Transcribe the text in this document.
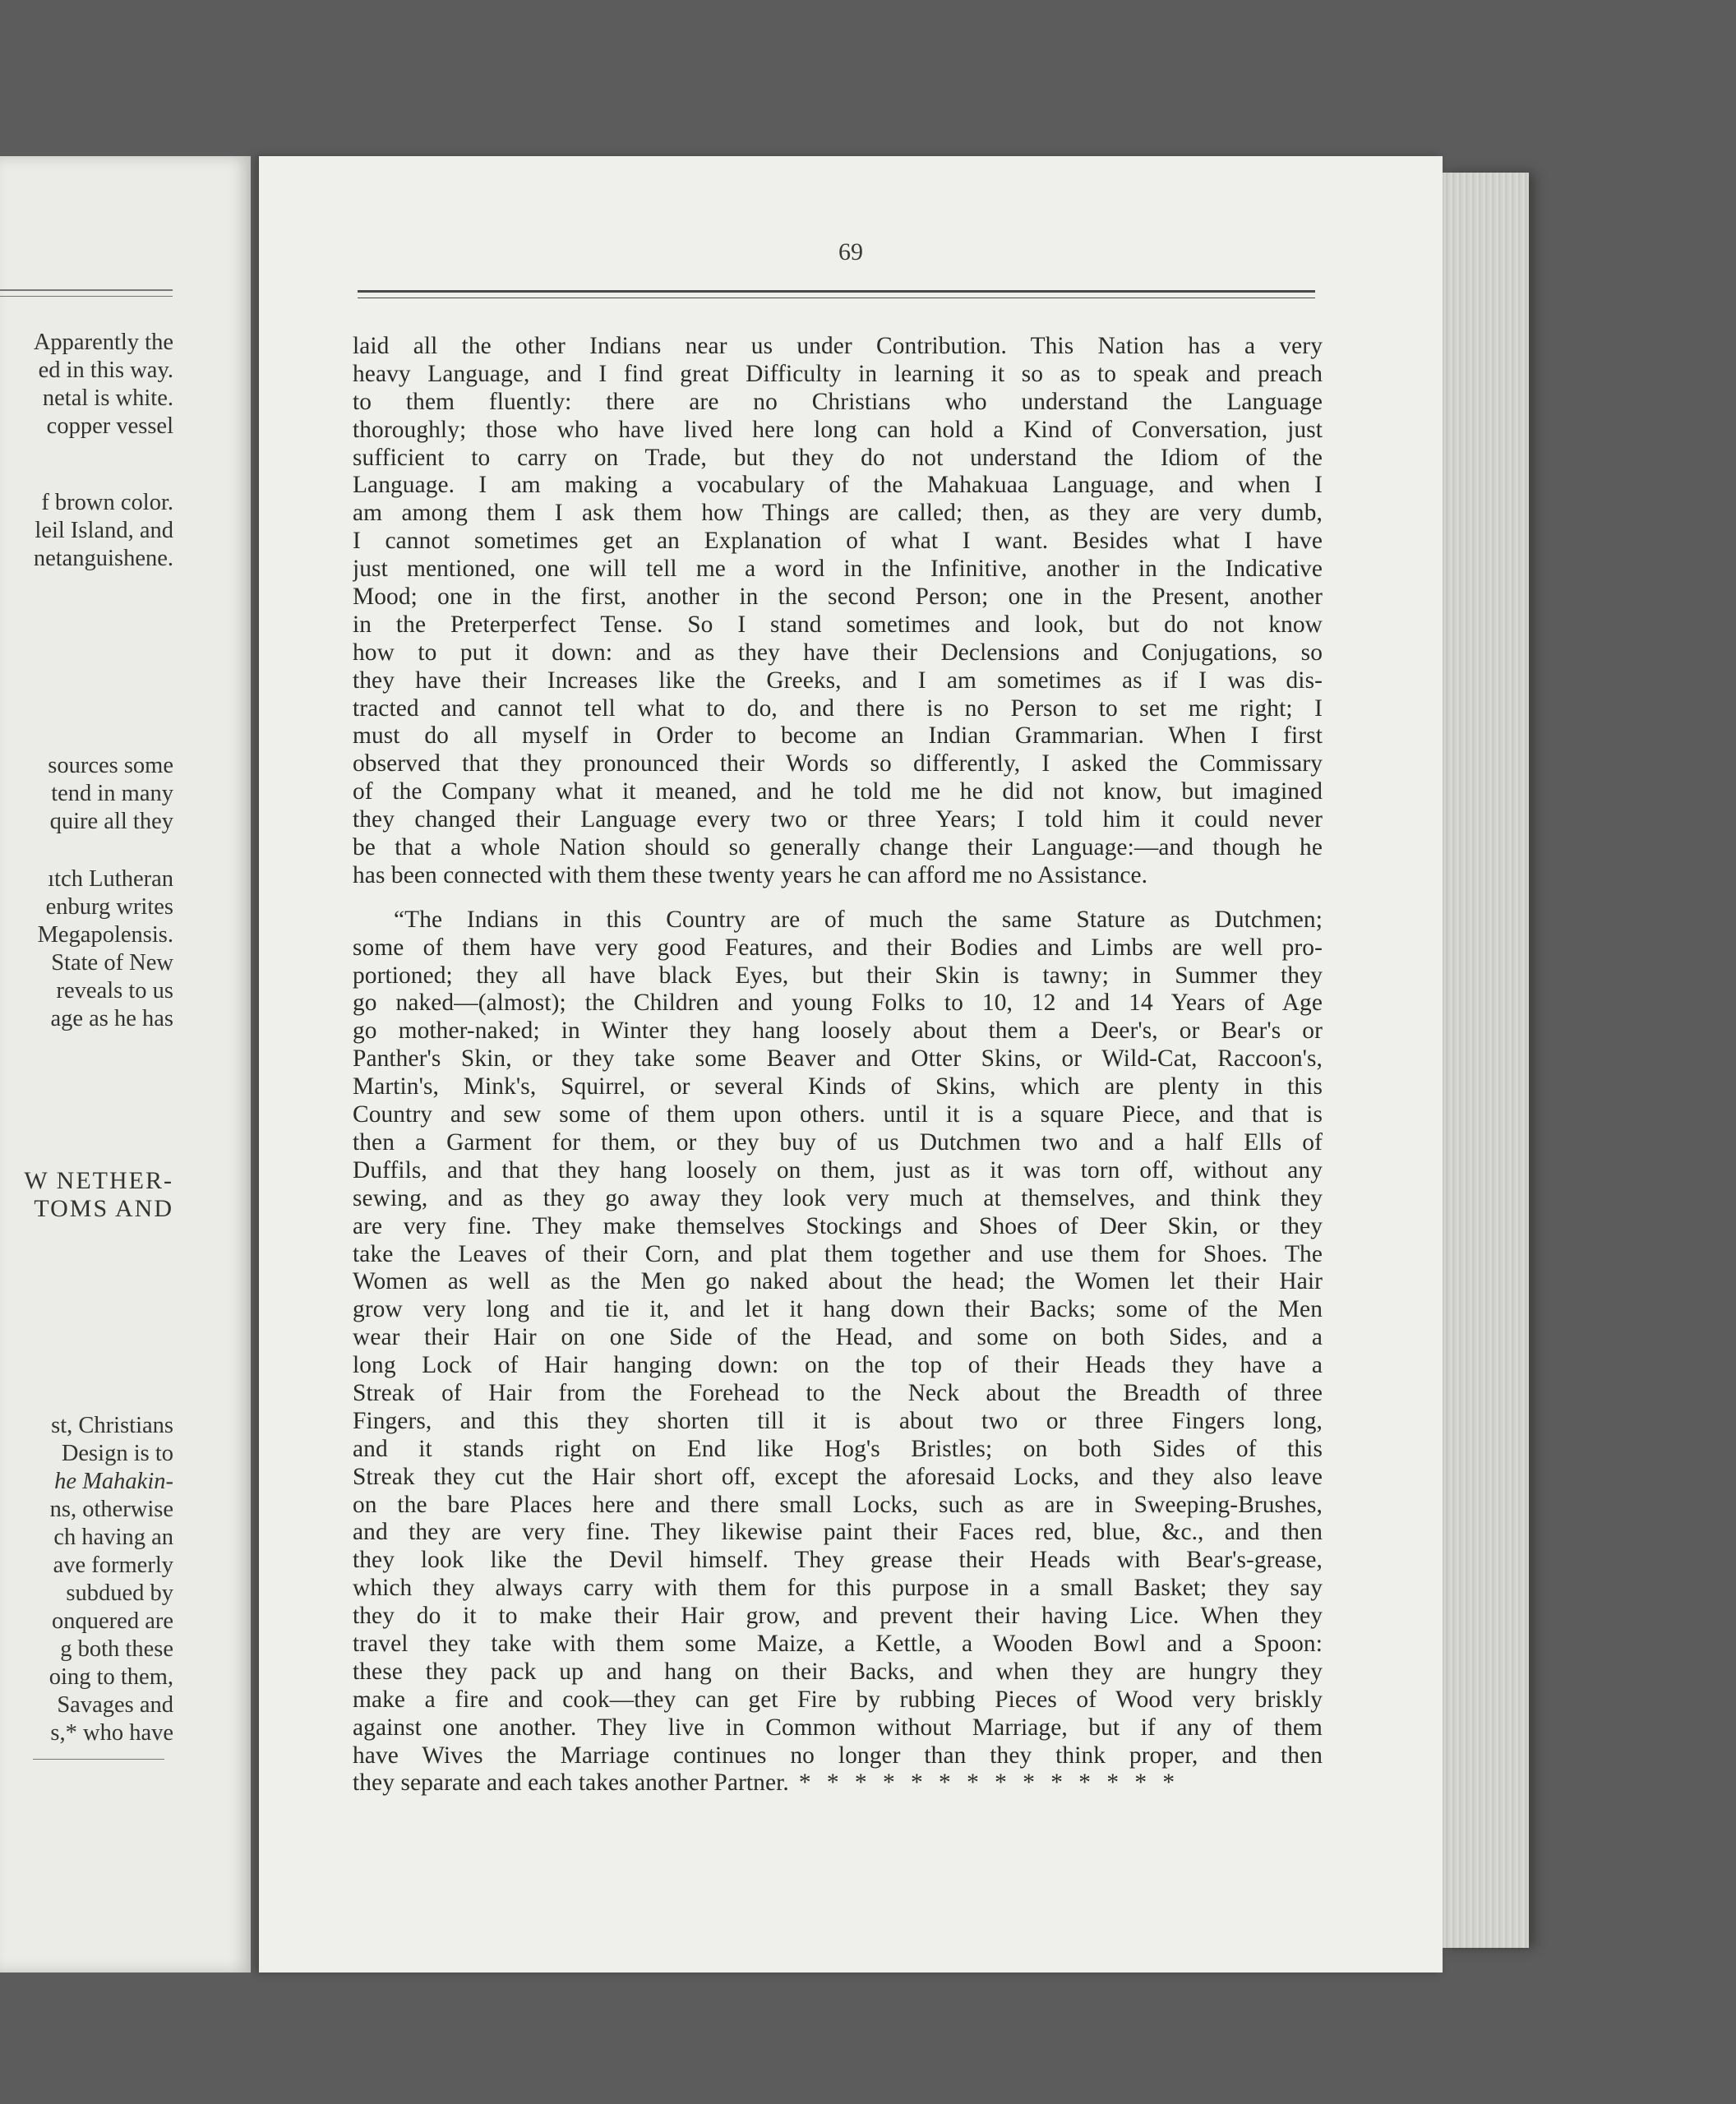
Apparently the
ed in this way.
netal is white.
copper vessel
f brown color.
leil Island, and
netanguishene.
sources some
tend in many
quire all they
ıtch Lutheran
enburg writes
Megapolensis.
State of New
reveals to us
age as he has
W NETHER-
TOMS AND
st, Christians
Design is to
he Mahakin-
ns, otherwise
ch having an
ave formerly
subdued by
onquered are
g both these
oing to them,
Savages and
s,* who have
69
laid all the other Indians near us under Contribution. This Nation has a very
heavy Language, and I find great Difficulty in learning it so as to speak and preach
to them fluently: there are no Christians who understand the Language
thoroughly; those who have lived here long can hold a Kind of Conversation, just
sufficient to carry on Trade, but they do not understand the Idiom of the
Language. I am making a vocabulary of the Mahakuaa Language, and when I
am among them I ask them how Things are called; then, as they are very dumb,
I cannot sometimes get an Explanation of what I want. Besides what I have
just mentioned, one will tell me a word in the Infinitive, another in the Indicative
Mood; one in the first, another in the second Person; one in the Present, another
in the Preterperfect Tense. So I stand sometimes and look, but do not know
how to put it down: and as they have their Declensions and Conjugations, so
they have their Increases like the Greeks, and I am sometimes as if I was dis-
tracted and cannot tell what to do, and there is no Person to set me right; I
must do all myself in Order to become an Indian Grammarian. When I first
observed that they pronounced their Words so differently, I asked the Commissary
of the Company what it meaned, and he told me he did not know, but imagined
they changed their Language every two or three Years; I told him it could never
be that a whole Nation should so generally change their Language:—and though he
has been connected with them these twenty years he can afford me no Assistance.
“The Indians in this Country are of much the same Stature as Dutchmen;
some of them have very good Features, and their Bodies and Limbs are well pro-
portioned; they all have black Eyes, but their Skin is tawny; in Summer they
go naked—(almost); the Children and young Folks to 10, 12 and 14 Years of Age
go mother-naked; in Winter they hang loosely about them a Deer's, or Bear's or
Panther's Skin, or they take some Beaver and Otter Skins, or Wild-Cat, Raccoon's,
Martin's, Mink's, Squirrel, or several Kinds of Skins, which are plenty in this
Country and sew some of them upon others. until it is a square Piece, and that is
then a Garment for them, or they buy of us Dutchmen two and a half Ells of
Duffils, and that they hang loosely on them, just as it was torn off, without any
sewing, and as they go away they look very much at themselves, and think they
are very fine. They make themselves Stockings and Shoes of Deer Skin, or they
take the Leaves of their Corn, and plat them together and use them for Shoes. The
Women as well as the Men go naked about the head; the Women let their Hair
grow very long and tie it, and let it hang down their Backs; some of the Men
wear their Hair on one Side of the Head, and some on both Sides, and a
long Lock of Hair hanging down: on the top of their Heads they have a
Streak of Hair from the Forehead to the Neck about the Breadth of three
Fingers, and this they shorten till it is about two or three Fingers long,
and it stands right on End like Hog's Bristles; on both Sides of this
Streak they cut the Hair short off, except the aforesaid Locks, and they also leave
on the bare Places here and there small Locks, such as are in Sweeping-Brushes,
and they are very fine. They likewise paint their Faces red, blue, &c., and then
they look like the Devil himself. They grease their Heads with Bear's-grease,
which they always carry with them for this purpose in a small Basket; they say
they do it to make their Hair grow, and prevent their having Lice. When they
travel they take with them some Maize, a Kettle, a Wooden Bowl and a Spoon:
these they pack up and hang on their Backs, and when they are hungry they
make a fire and cook—they can get Fire by rubbing Pieces of Wood very briskly
against one another. They live in Common without Marriage, but if any of them
have Wives the Marriage continues no longer than they think proper, and then
they separate and each takes another Partner. * * * * * * * * * * * * * *
